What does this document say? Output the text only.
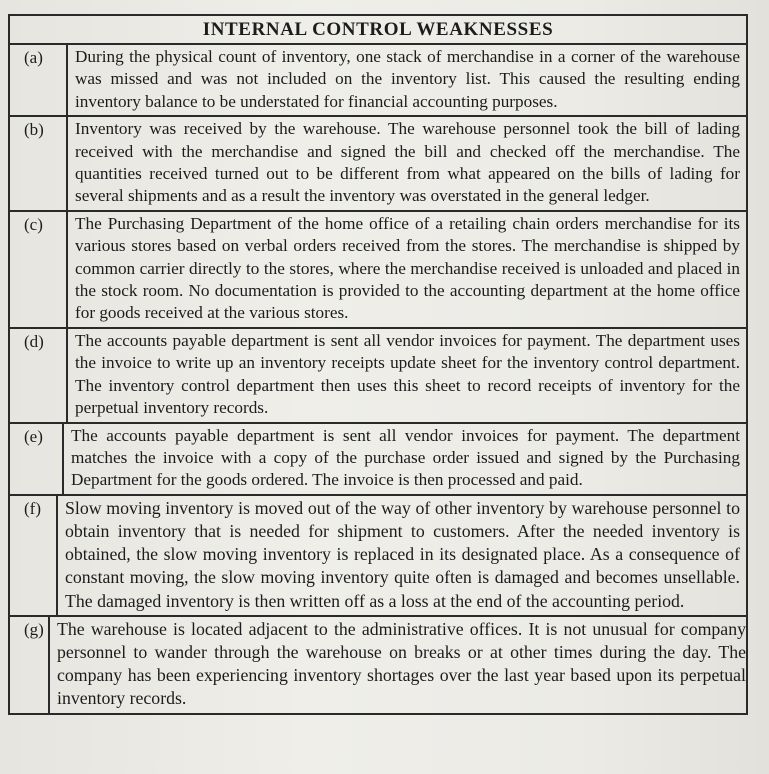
INTERNAL CONTROL WEAKNESSES
(a)	During the physical count of inventory, one stack of merchandise in a corner of the warehouse was missed and was not included on the inventory list. This caused the resulting ending inventory balance to be understated for financial accounting purposes.
(b)	Inventory was received by the warehouse. The warehouse personnel took the bill of lading received with the merchandise and signed the bill and checked off the merchandise. The quantities received turned out to be different from what appeared on the bills of lading for several shipments and as a result the inventory was overstated in the general ledger.
(c)	The Purchasing Department of the home office of a retailing chain orders merchandise for its various stores based on verbal orders received from the stores. The merchandise is shipped by common carrier directly to the stores, where the merchandise received is unloaded and placed in the stock room. No documentation is provided to the accounting department at the home office for goods received at the various stores.
(d)	The accounts payable department is sent all vendor invoices for payment. The department uses the invoice to write up an inventory receipts update sheet for the inventory control department. The inventory control department then uses this sheet to record receipts of inventory for the perpetual inventory records.
(e)	The accounts payable department is sent all vendor invoices for payment. The department matches the invoice with a copy of the purchase order issued and signed by the Purchasing Department for the goods ordered. The invoice is then processed and paid.
(f)	Slow moving inventory is moved out of the way of other inventory by warehouse personnel to obtain inventory that is needed for shipment to customers. After the needed inventory is obtained, the slow moving inventory is replaced in its designated place. As a consequence of constant moving, the slow moving inventory quite often is damaged and becomes unsellable. The damaged inventory is then written off as a loss at the end of the accounting period.
(g) The warehouse is located adjacent to the administrative offices. It is not unusual for company personnel to wander through the warehouse on breaks or at other times during the day. The company has been experiencing inventory shortages over the last year based upon its perpetual inventory records.
